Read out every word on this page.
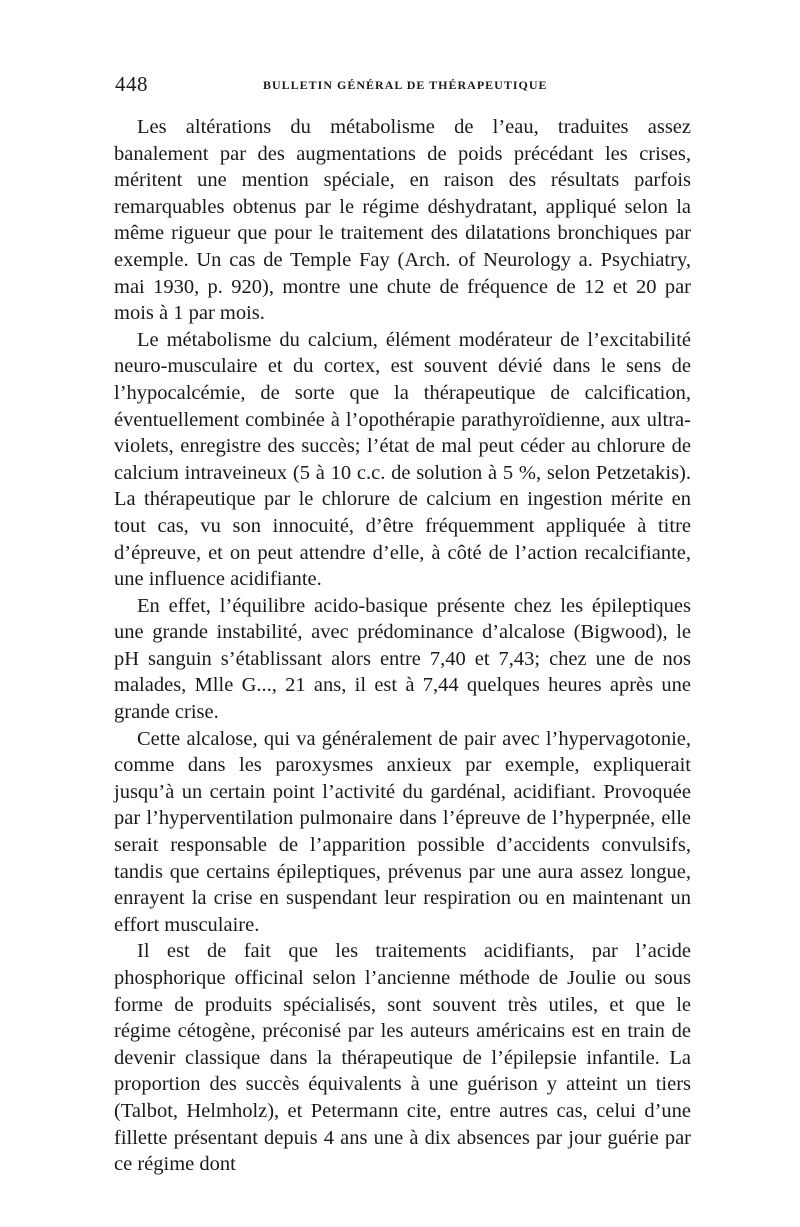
448	BULLETIN GÉNÉRAL DE THÉRAPEUTIQUE

Les altérations du métabolisme de l’eau, traduites assez banalement par des augmentations de poids précédant les crises, méritent une mention spéciale, en raison des résultats parfois remarquables obtenus par le régime déshydratant, appliqué selon la même rigueur que pour le traitement des dilatations bronchiques par exemple. Un cas de Temple Fay (Arch. of Neurology a. Psychiatry, mai 1930, p. 920), montre une chute de fréquence de 12 et 20 par mois à 1 par mois.

Le métabolisme du calcium, élément modérateur de l’excitabilité neuro-musculaire et du cortex, est souvent dévié dans le sens de l’hypocalcémie, de sorte que la thérapeutique de calcification, éventuellement combinée à l’opothérapie parathyroïdienne, aux ultra-violets, enregistre des succès; l’état de mal peut céder au chlorure de calcium intraveineux (5 à 10 c.c. de solution à 5 %, selon Petzetakis). La thérapeutique par le chlorure de calcium en ingestion mérite en tout cas, vu son innocuité, d’être fréquemment appliquée à titre d’épreuve, et on peut attendre d’elle, à côté de l’action recalcifiante, une influence acidifiante.

En effet, l’équilibre acido-basique présente chez les épileptiques une grande instabilité, avec prédominance d’alcalose (Bigwood), le pH sanguin s’établissant alors entre 7,40 et 7,43; chez une de nos malades, Mlle G..., 21 ans, il est à 7,44 quelques heures après une grande crise.

Cette alcalose, qui va généralement de pair avec l’hypervagotonie, comme dans les paroxysmes anxieux par exemple, expliquerait jusqu’à un certain point l’activité du gardénal, acidifiant. Provoquée par l’hyperventilation pulmonaire dans l’épreuve de l’hyperpnée, elle serait responsable de l’apparition possible d’accidents convulsifs, tandis que certains épileptiques, prévenus par une aura assez longue, enrayent la crise en suspendant leur respiration ou en maintenant un effort musculaire.

Il est de fait que les traitements acidifiants, par l’acide phosphorique officinal selon l’ancienne méthode de Joulie ou sous forme de produits spécialisés, sont souvent très utiles, et que le régime cétogène, préconisé par les auteurs américains est en train de devenir classique dans la thérapeutique de l’épilepsie infantile. La proportion des succès équivalents à une guérison y atteint un tiers (Talbot, Helmholz), et Petermann cite, entre autres cas, celui d’une fillette présentant depuis 4 ans une à dix absences par jour guérie par ce régime dont
